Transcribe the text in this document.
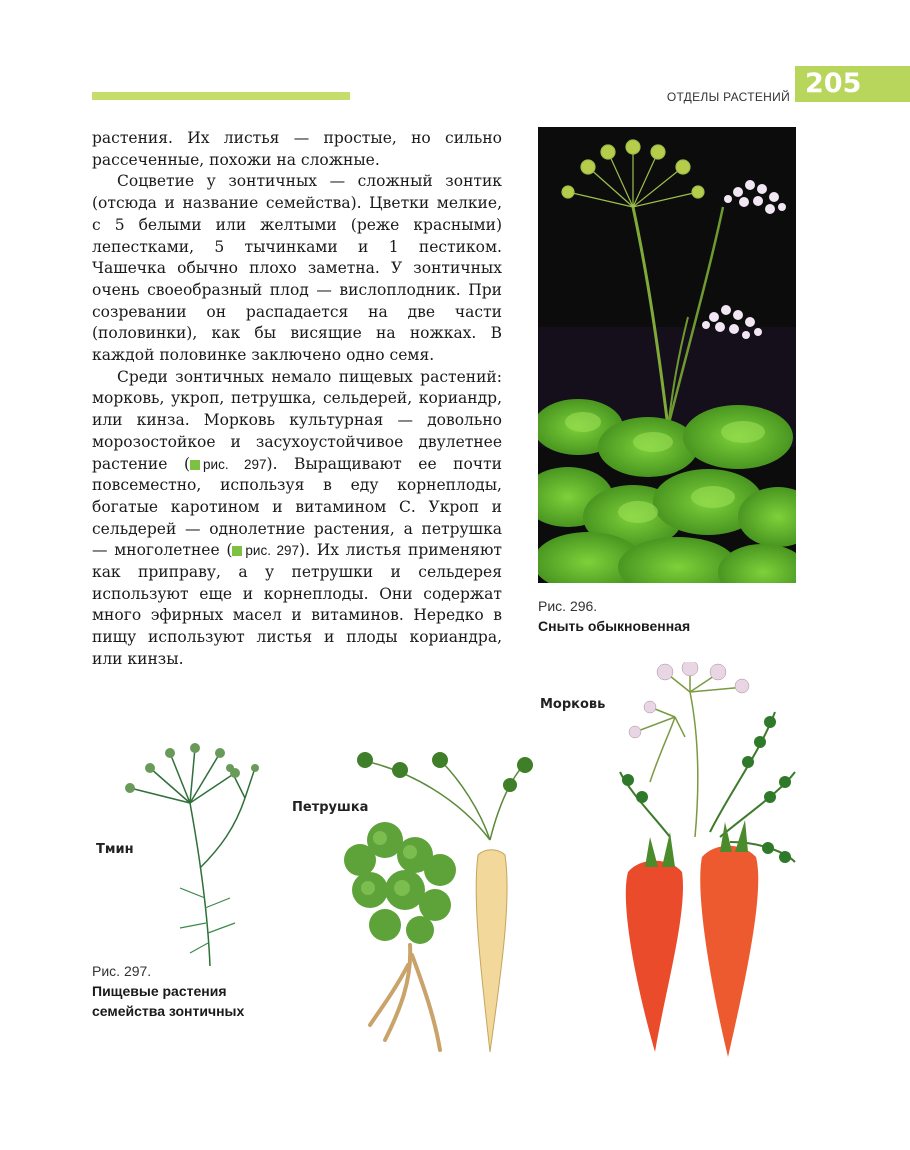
ОТДЕЛЫ РАСТЕНИЙ 205

растения. Их листья — простые, но сильно рассеченные, похожи на сложные.

Соцветие у зонтичных — сложный зонтик (отсюда и название семейства). Цветки мелкие, с 5 белыми или желтыми (реже красными) лепестками, 5 тычинками и 1 пестиком. Чашечка обычно плохо заметна. У зонтичных очень своеобразный плод — вислоплодник. При созревании он распадается на две части (половинки), как бы висящие на ножках. В каждой половинке заключено одно семя.

Среди зонтичных немало пищевых растений: морковь, укроп, петрушка, сельдерей, кориандр, или кинза. Морковь культурная — довольно морозостойкое и засухоустойчивое двулетнее растение ( рис. 297). Выращивают ее почти повсеместно, используя в еду корнеплоды, богатые каротином и витамином С. Укроп и сельдерей — однолетние растения, а петрушка — многолетнее ( рис. 297). Их листья применяют как приправу, а у петрушки и сельдерея используют еще и корнеплоды. Они содержат много эфирных масел и витаминов. Нередко в пищу используют листья и плоды кориандра, или кинзы.

Рис. 296.
Сныть обыкновенная
Морковь
Тмин
Петрушка
Рис. 297.
Пищевые растения
семейства зонтичных
